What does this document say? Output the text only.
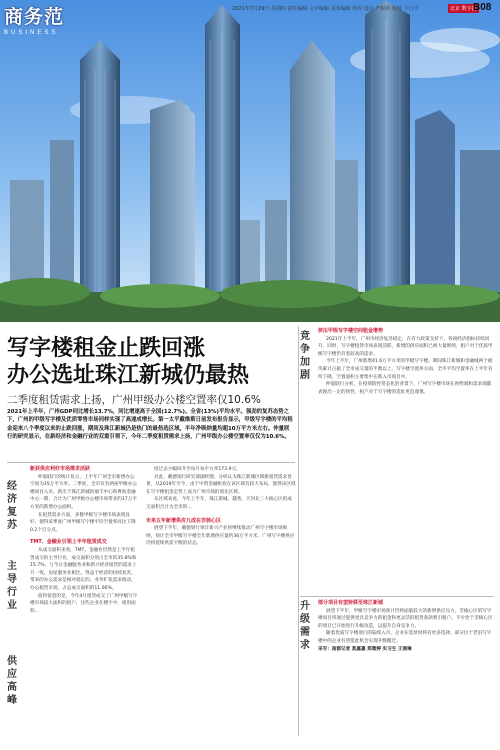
商务范
BUSINESS
2021年7月29日 星期四 责任编辑 文字编辑 美术编辑 校对 设计 产权单 校对 丰日平	北京 数字报
B08
写字楼租金止跌回涨
办公选址珠江新城仍最热
二季度租赁需求上扬，广州甲级办公楼空置率仅10.6%
2021年上半年，广州GDP同比增长13.7%，同比增速高于全国(12.7%)。全省(13%)平均水平。强劲的复苏态势之下，广州的甲级写字楼及优质零售市场同样实现了高速成增长。第一太平戴维斯日前发布报告显示，甲级写字楼的平均租金迎来八个季度以来的止跌回涨，期间及珠江新城仍是热门的最热选区域，半年净吸纳量均超10万平方米左右。仲量联行的研究显示，在新经济和金融行业的双重引领下，今年二季度租赁需求上扬，广州甲级办公楼空置率仅仅为10.6%。
经济复苏
主导行业
供应高峰
新获供应利好市场需求活跃
仲量联行的统计显示，上半年广州全市新增办公空间为35万平方米。二季度，全市仅有两座甲级办公楼项目入市，新出于珠江新城的丽丰中心和粤海金融中心一期，合计为广州甲级办公楼市场带来约17万平方米的新增办公面积。
在租赁需求方面，多数甲级写字楼市场表现良好，使得该季度广州甲级写字楼平均空置率环比下降0.2个百分点。
TMT、金融业引领上半年租赁成交
从成交面积来看，TMT、金融业仍然是上半年租赁成交的主导行业，成交面积分别占全市的35.8%和15.7%，与今日金融服务业和新兴经济租赁的需求上升一致。房屋服务业相比，得益于经济的持续复苏，带来的办公需求是相对稳定的。业务扩张需求推动，办公租赁市场，占总成交面积的11.06%。
值得留意的是，今年4月租赁成交了广州甲级写字楼市场较大面积的租户，这些企业在楼宇中，租用面积...
度过去小幅回升至每月每平方米173.9元。
对此，戴德梁行研究部副经理，分析认为珠江新城区域新租赁需求显著，从2019年至今，由于中资金融机构在该区域有较大布局，使得该区域在写字楼租金走势上成为广州市场的领先区域。
从区域来看，今年上半年，珠江新城、越秀、天河北三大核心区的成交面积合计为全市的...
未来五年新增供应九成在非核心区
展望下半年，戴德梁行预计新兴产业将继续推动广州写字楼市场吸纳，预计全市甲级写字楼全年新增供应量约36万平方米，广州写字楼供应仍将延续供需平衡的状态。
竞争加剧
升级需求
挤压甲级写字楼空间租金增势
2021年上半年，广州市经济复苏稳定，在有力政策支持下，各项经济指标持续回升。同时，写字楼租赁市场表现活跃，新增的供应面积已被大量吸纳，租户对于优质甲级写字楼仍有着较高的需求。
今年上半年，广州新增41.6万平方米的甲级写字楼。期间珠江新城和金融城两个板块累计占据了全市成交量的半数以上。写字楼空置率方面，全市平均空置率在上半年有所下降，空置面积主要集中在新入市项目中。
仲量联行分析，在疫情防控常态化的背景下，广州写字楼市场在供给端和需求端都表现出一定的韧性，租户对于写字楼的选址更趋谨慎。
部分项目有望转移至珠江新城
展望下半年，甲级写字楼市场预计仍将面临较大的新增供应压力，非核心区的写字楼项目将通过提供更具竞争力的租金和更灵活的租赁条款吸引租户。不少处于非核心区的项目已开始进行升级改造，以提升自身竞争力。
随着优质写字楼项目的陆续入市，企业在选址时将有更多选择。部分位于老旧写字楼中的企业有望借此机会实现升级搬迁。
采写：南都记者 莫嘉嘉 郑雅婷 实习生 王丽琳
